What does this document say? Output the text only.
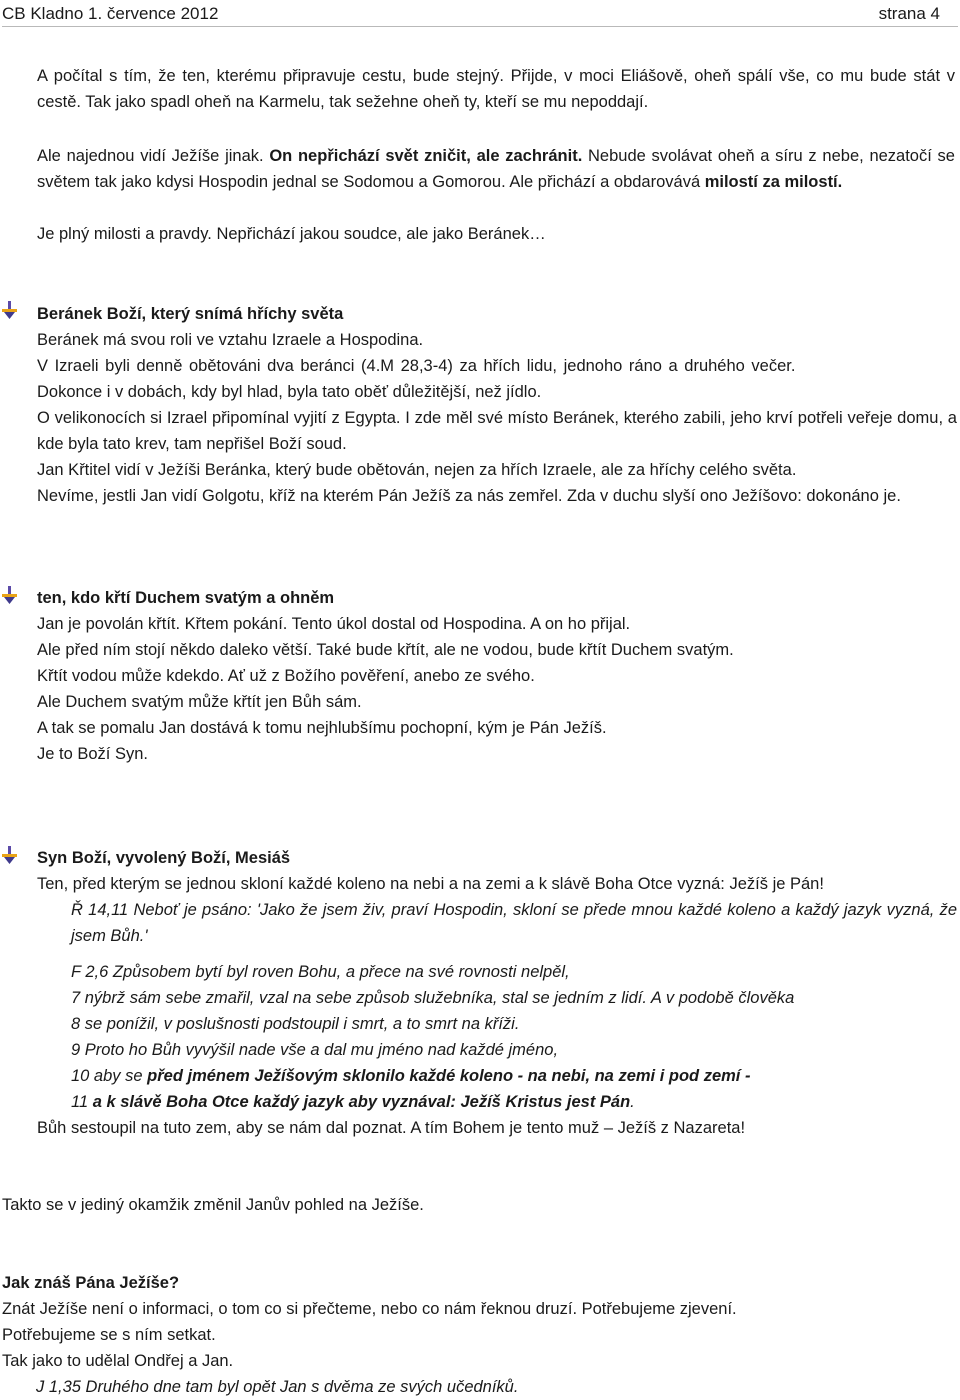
CB Kladno 1. července 2012	strana 4
A počítal s tím, že ten, kterému připravuje cestu, bude stejný. Přijde, v moci Eliášově, oheň spálí vše, co mu bude stát v cestě. Tak jako spadl oheň na Karmelu, tak sežehne oheň ty, kteří se mu nepoddají.
Ale najednou vidí Ježíše jinak. On nepřichází svět zničit, ale zachránit. Nebude svolávat oheň a síru z nebe, nezatočí se světem tak jako kdysi Hospodin jednal se Sodomou a Gomorou. Ale přichází a obdarovává milostí za milostí.
Je plný milosti a pravdy. Nepřichází jakou soudce, ale jako Beránek…
Beránek Boží, který snímá hříchy světa
Beránek má svou roli ve vztahu Izraele a Hospodina.
V Izraeli byli denně obětováni dva beránci (4.M 28,3-4) za hřích lidu, jednoho ráno a druhého večer.
Dokonce i v dobách, kdy byl hlad, byla tato oběť důležitější, než jídlo.
O velikonocích si Izrael připomínal vyjití z Egypta. I zde měl své místo Beránek, kterého zabili, jeho krví potřeli veřeje domu, a kde byla tato krev, tam nepřišel Boží soud.
Jan Křtitel vidí v Ježíši Beránka, který bude obětován, nejen za hřích Izraele, ale za hříchy celého světa.
Nevíme, jestli Jan vidí Golgotu, kříž na kterém Pán Ježíš za nás zemřel. Zda v duchu slyší ono Ježíšovo: dokonáno je.
ten, kdo křtí Duchem svatým a ohněm
Jan je povolán křtít. Křtem pokání. Tento úkol dostal od Hospodina. A on ho přijal.
Ale před ním stojí někdo daleko větší. Také bude křtít, ale ne vodou, bude křtít Duchem svatým.
Křtít vodou může kdekdo. Ať už z Božího pověření, anebo ze svého.
Ale Duchem svatým může křtít jen Bůh sám.
A tak se pomalu Jan dostává k tomu nejhlubšímu pochopní, kým je Pán Ježíš.
Je to Boží Syn.
Syn Boží, vyvolený Boží, Mesiáš
Ten, před kterým se jednou skloní každé koleno na nebi a na zemi a k slávě Boha Otce vyzná: Ježíš je Pán!
Ř 14,11 Neboť je psáno: 'Jako že jsem živ, praví Hospodin, skloní se přede mnou každé koleno a každý jazyk vyzná, že jsem Bůh.'
F 2,6 Způsobem bytí byl roven Bohu, a přece na své rovnosti nelpěl,
7 nýbrž sám sebe zmařil, vzal na sebe způsob služebníka, stal se jedním z lidí. A v podobě člověka
8 se ponížil, v poslušnosti podstoupil i smrt, a to smrt na kříži.
9 Proto ho Bůh vyvýšil nade vše a dal mu jméno nad každé jméno,
10 aby se před jménem Ježíšovým sklonilo každé koleno - na nebi, na zemi i pod zemí -
11 a k slávě Boha Otce každý jazyk aby vyznával: Ježíš Kristus jest Pán.
Bůh sestoupil na tuto zem, aby se nám dal poznat. A tím Bohem je tento muž – Ježíš z Nazareta!
Takto se v jediný okamžik změnil Janův pohled na Ježíše.
Jak znáš Pána Ježíše?
Znát Ježíše není o informaci, o tom co si přečteme, nebo co nám řeknou druzí. Potřebujeme zjevení.
Potřebujeme se s ním setkat.
Tak jako to udělal Ondřej a Jan.
J 1,35 Druhého dne tam byl opět Jan s dvěma ze svých učedníků.
